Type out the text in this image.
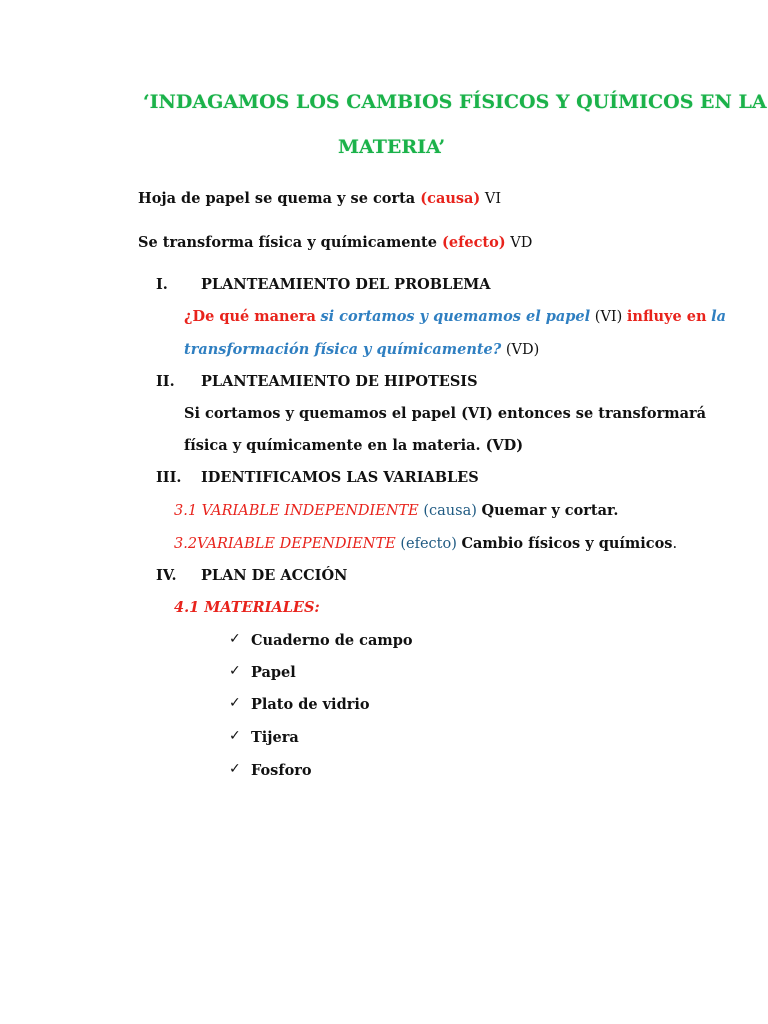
‘INDAGAMOS LOS CAMBIOS FÍSICOS Y QUÍMICOS EN LA
MATERIA’
Hoja de papel se quema y se corta (causa) VI
Se transforma física y químicamente (efecto) VD
I. PLANTEAMIENTO DEL PROBLEMA
¿De qué manera si cortamos y quemamos el papel (VI) influye en la
transformación física y químicamente? (VD)
II. PLANTEAMIENTO DE HIPOTESIS
Si cortamos y quemamos el papel (VI) entonces se transformará
física y químicamente en la materia. (VD)
III. IDENTIFICAMOS LAS VARIABLES
3.1 VARIABLE INDEPENDIENTE (causa) Quemar y cortar.
3.2VARIABLE DEPENDIENTE (efecto) Cambio físicos y químicos.
IV. PLAN DE ACCIÓN
4.1 MATERIALES:
✓ Cuaderno de campo
✓ Papel
✓ Plato de vidrio
✓ Tijera
✓ Fosforo
